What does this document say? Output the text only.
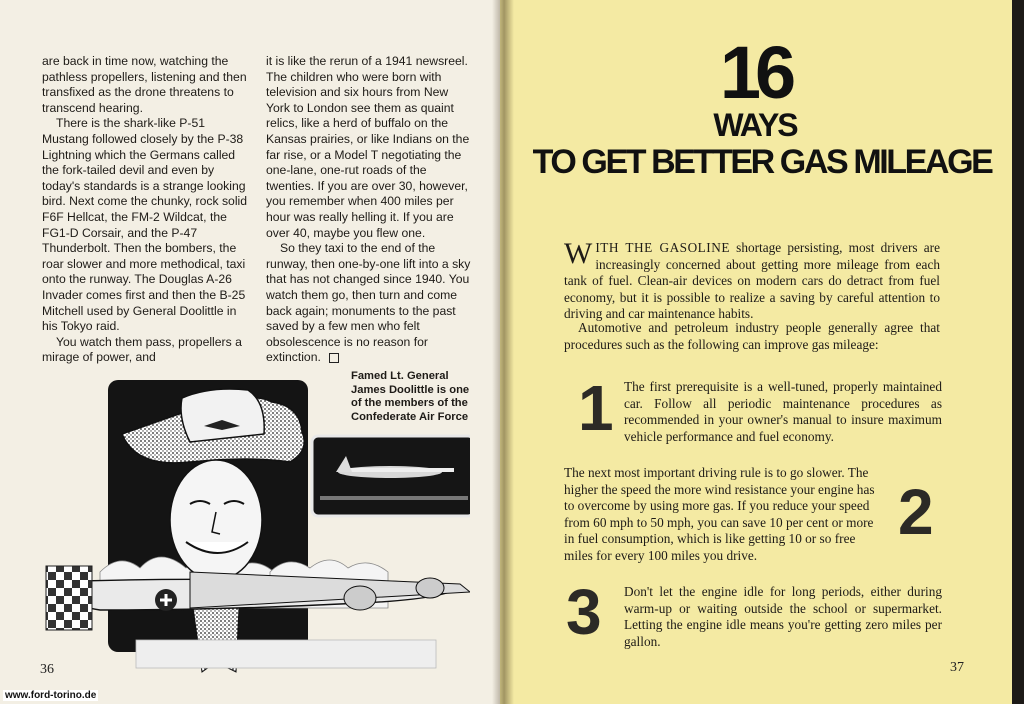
are back in time now, watching the pathless propellers, listening and then transfixed as the drone threatens to transcend hearing.

There is the shark-like P-51 Mustang followed closely by the P-38 Lightning which the Germans called the fork-tailed devil and even by today's standards is a strange looking bird. Next come the chunky, rock solid F6F Hellcat, the FM-2 Wildcat, the FG1-D Corsair, and the P-47 Thunderbolt. Then the bombers, the roar slower and more methodical, taxi onto the runway. The Douglas A-26 Invader comes first and then the B-25 Mitchell used by General Doolittle in his Tokyo raid.

You watch them pass, propellers a mirage of power, and

it is like the rerun of a 1941 newsreel. The children who were born with television and six hours from New York to London see them as quaint relics, like a herd of buffalo on the Kansas prairies, or like Indians on the far rise, or a Model T negotiating the one-lane, one-rut roads of the twenties. If you are over 30, however, you remember when 400 miles per hour was really helling it. If you are over 40, maybe you flew one.

So they taxi to the end of the runway, then one-by-one lift into a sky that has not changed since 1940. You watch them go, then turn and come back again; monuments to the past saved by a few men who felt obsolescence is no reason for extinction.

Famed Lt. General James Doolittle is one of the members of the Confederate Air Force
36
16
WAYS
TO GET BETTER GAS MILEAGE
WITH THE GASOLINE shortage persisting, most drivers are increasingly concerned about getting more mileage from each tank of fuel. Clean-air devices on modern cars do detract from fuel economy, but it is possible to realize a saving by careful attention to driving and car maintenance habits.
Automotive and petroleum industry people generally agree that procedures such as the following can improve gas mileage:
1 The first prerequisite is a well-tuned, properly maintained car. Follow all periodic maintenance procedures as recommended in your owner's manual to insure maximum vehicle performance and fuel economy.
The next most important driving rule is to go slower. The higher the speed the more wind resistance your engine has to overcome by using more gas. If you reduce your speed from 60 mph to 50 mph, you can save 10 per cent or more in fuel consumption, which is like getting 10 or so free miles for every 100 miles you drive.
2
3 Don't let the engine idle for long periods, either during warm-up or waiting outside the school or supermarket. Letting the engine idle means you're getting zero miles per gallon.
37
www.ford-torino.de
